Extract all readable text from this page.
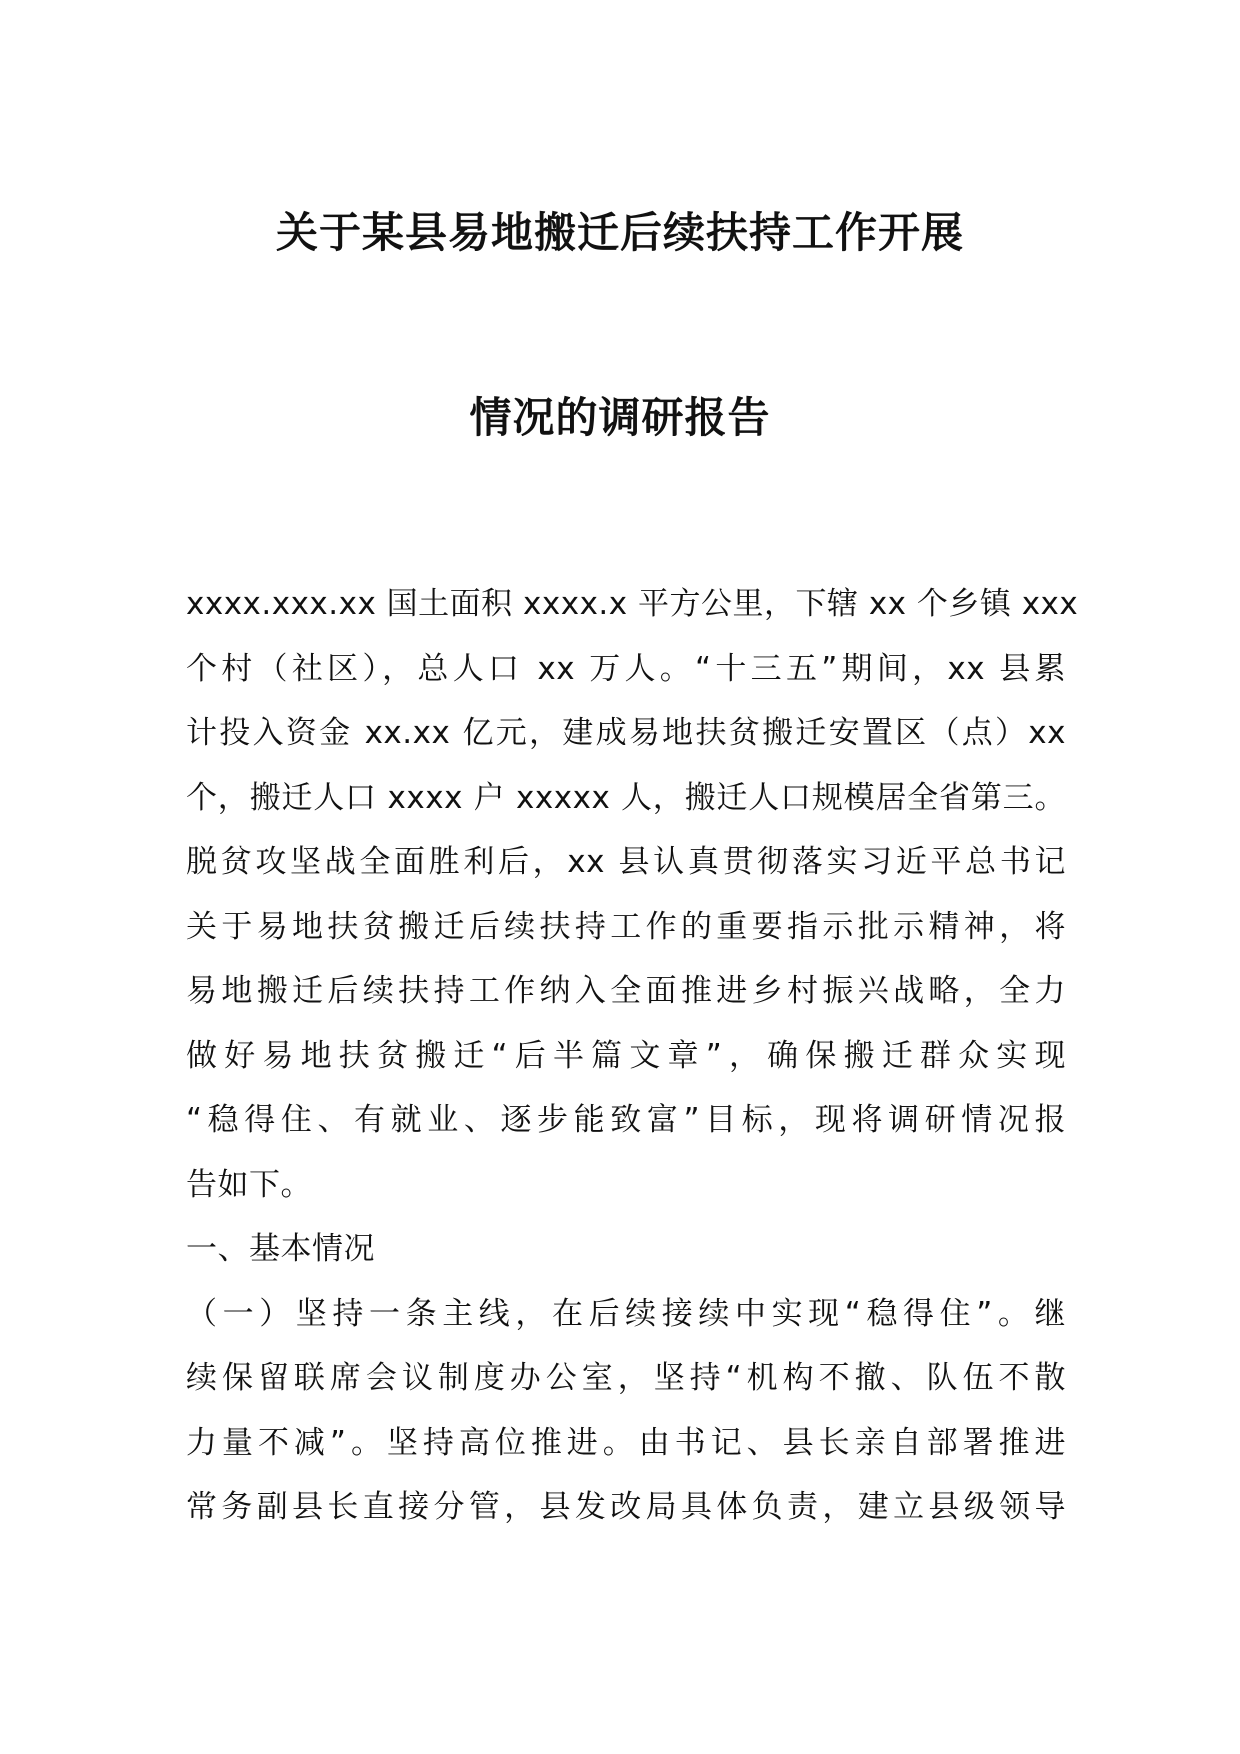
关于某县易地搬迁后续扶持工作开展
情况的调研报告
xxxx.xxx.xx 国土面积 xxxx.x 平方公里，下辖 xx 个乡镇 xxx
个村（社区），总人口 xx 万人。“十三五”期间，xx 县累
计投入资金 xx.xx 亿元，建成易地扶贫搬迁安置区（点）xx
个，搬迁人口 xxxx 户 xxxxx 人，搬迁人口规模居全省第三。
脱贫攻坚战全面胜利后，xx 县认真贯彻落实习近平总书记
关于易地扶贫搬迁后续扶持工作的重要指示批示精神，将
易地搬迁后续扶持工作纳入全面推进乡村振兴战略，全力
做好易地扶贫搬迁“后半篇文章”，确保搬迁群众实现
“稳得住、有就业、逐步能致富”目标，现将调研情况报
告如下。
一、基本情况
（一）坚持一条主线，在后续接续中实现“稳得住”。继
续保留联席会议制度办公室，坚持“机构不撤、队伍不散
力量不减”。坚持高位推进。由书记、县长亲自部署推进
常务副县长直接分管，县发改局具体负责，建立县级领导
